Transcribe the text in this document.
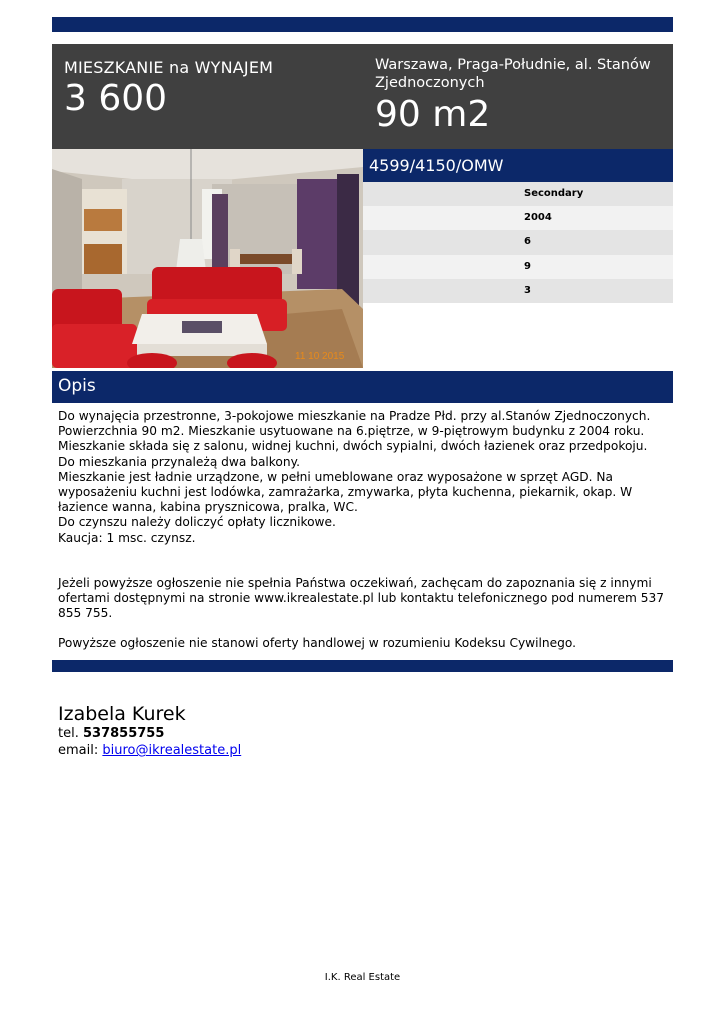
MIESZKANIE na WYNAJEM
3 600
Warszawa, Praga-Południe, al. Stanów Zjednoczonych
90 m2
11 10 2015
4599/4150/OMW
Secondary
2004
6
9
3
Opis

Do wynajęcia przestronne, 3-pokojowe mieszkanie na Pradze Płd. przy al.Stanów Zjednoczonych.

Powierzchnia 90 m2. Mieszkanie usytuowane na 6.piętrze, w 9-piętrowym budynku z 2004 roku.

Mieszkanie składa się z salonu, widnej kuchni, dwóch sypialni, dwóch łazienek oraz przedpokoju.

Do mieszkania przynależą dwa balkony.

Mieszkanie jest ładnie urządzone, w pełni umeblowane oraz wyposażone w sprzęt AGD. Na wyposażeniu kuchni jest lodówka, zamrażarka, zmywarka, płyta kuchenna, piekarnik, okap. W łazience wanna, kabina prysznicowa, pralka, WC.

Do czynszu należy doliczyć opłaty licznikowe.

Kaucja: 1 msc. czynsz.

Jeżeli powyższe ogłoszenie nie spełnia Państwa oczekiwań, zachęcam do zapoznania się z innymi ofertami dostępnymi na stronie www.ikrealestate.pl lub kontaktu telefonicznego pod numerem 537 855 755.

Powyższe ogłoszenie nie stanowi oferty handlowej w rozumieniu Kodeksu Cywilnego.

Izabela Kurek
tel. 537855755
email: biuro@ikrealestate.pl
I.K. Real Estate
